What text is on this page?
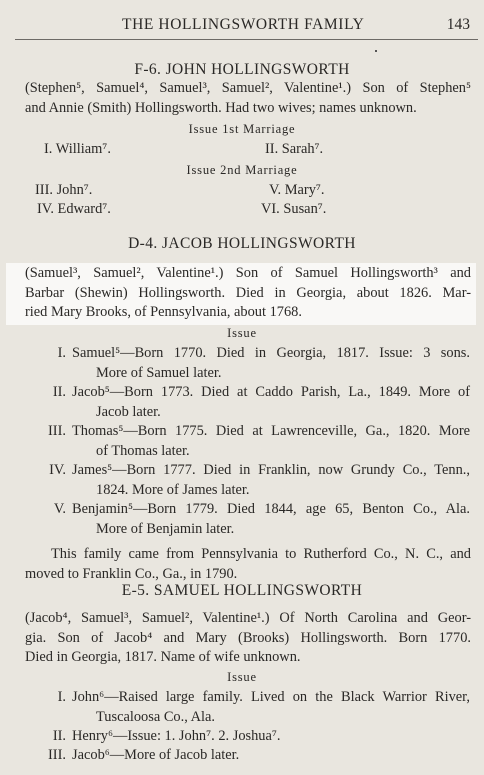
THE HOLLINGSWORTH FAMILY	143
F-6. JOHN HOLLINGSWORTH
(Stephen⁵, Samuel⁴, Samuel³, Samuel², Valentine¹.) Son of Stephen⁵
and Annie (Smith) Hollingsworth. Had two wives; names unknown.
Issue 1st Marriage
I. William⁷.	II. Sarah⁷.
Issue 2nd Marriage
III. John⁷.	V. Mary⁷.
IV. Edward⁷.	VI. Susan⁷.
D-4. JACOB HOLLINGSWORTH
(Samuel³, Samuel², Valentine¹.) Son of Samuel Hollingsworth³ and
Barbar (Shewin) Hollingsworth. Died in Georgia, about 1826. Mar-
ried Mary Brooks, of Pennsylvania, about 1768.
Issue
I. Samuel⁵—Born 1770. Died in Georgia, 1817. Issue: 3 sons.
More of Samuel later.
II. Jacob⁵—Born 1773. Died at Caddo Parish, La., 1849. More of
Jacob later.
III. Thomas⁵—Born 1775. Died at Lawrenceville, Ga., 1820. More
of Thomas later.
IV. James⁵—Born 1777. Died in Franklin, now Grundy Co., Tenn.,
1824. More of James later.
V. Benjamin⁵—Born 1779. Died 1844, age 65, Benton Co., Ala.
More of Benjamin later.
This family came from Pennsylvania to Rutherford Co., N. C., and
moved to Franklin Co., Ga., in 1790.
E-5. SAMUEL HOLLINGSWORTH
(Jacob⁴, Samuel³, Samuel², Valentine¹.) Of North Carolina and Geor-
gia. Son of Jacob⁴ and Mary (Brooks) Hollingsworth. Born 1770.
Died in Georgia, 1817. Name of wife unknown.
Issue
I. John⁶—Raised large family. Lived on the Black Warrior River,
Tuscaloosa Co., Ala.
II. Henry⁶—Issue: 1. John⁷. 2. Joshua⁷.
III. Jacob⁶—More of Jacob later.
